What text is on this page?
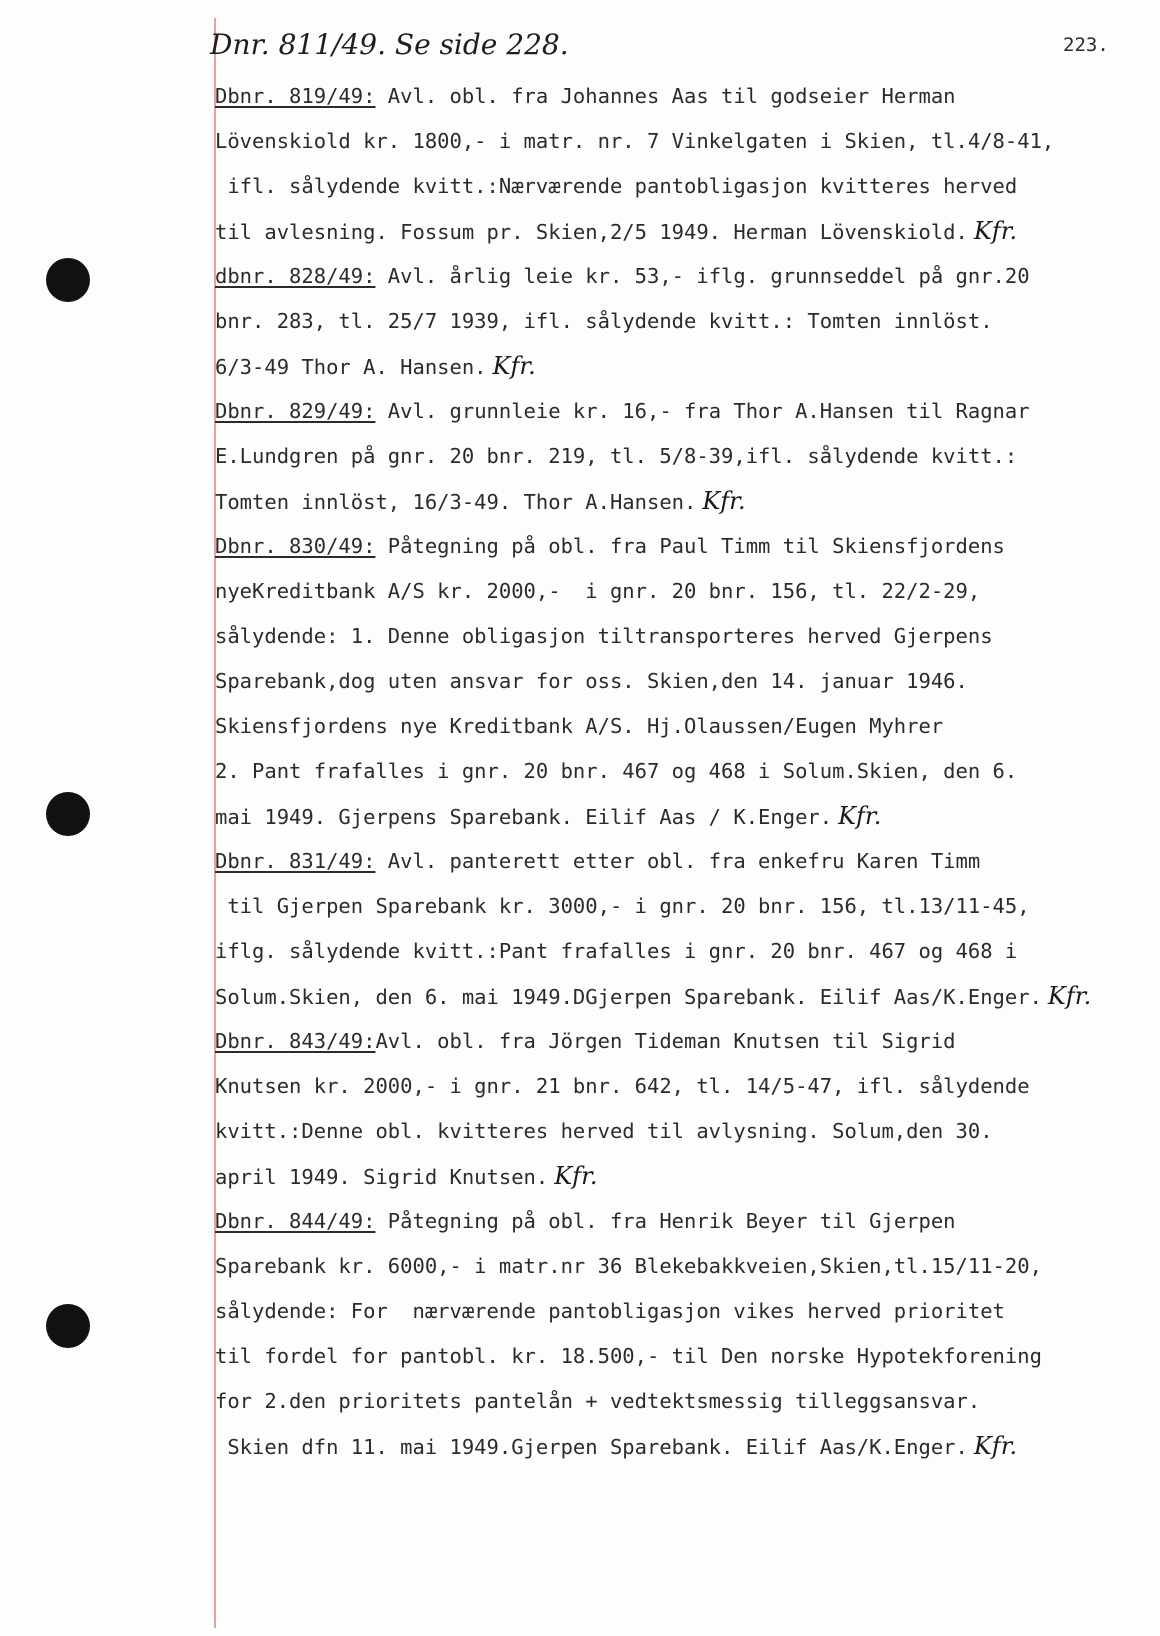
Dnr. 811/49. Se side 228.	223.
Dbnr. 819/49: Avl. obl. fra Johannes Aas til godseier Herman
Lövenskiold kr. 1800,- i matr. nr. 7 Vinkelgaten i Skien, tl.4/8-41,
ifl. sålydende kvitt.:Nærværende pantobligasjon kvitteres herved
til avlesning. Fossum pr. Skien,2/5 1949. Herman Lövenskiold. Kfr.
dbnr. 828/49: Avl. årlig leie kr. 53,- iflg. grunnseddel på gnr.20
bnr. 283, tl. 25/7 1939, ifl. sålydende kvitt.: Tomten innlöst.
6/3-49 Thor A. Hansen. Kfr.
Dbnr. 829/49: Avl. grunnleie kr. 16,- fra Thor A.Hansen til Ragnar
E.Lundgren på gnr. 20 bnr. 219, tl. 5/8-39,ifl. sålydende kvitt.:
Tomten innlöst, 16/3-49. Thor A.Hansen. Kfr.
Dbnr. 830/49: Påtegning på obl. fra Paul Timm til Skiensfjordens
nyeKreditbank A/S kr. 2000,-  i gnr. 20 bnr. 156, tl. 22/2-29,
sålydende: 1. Denne obligasjon tiltransporteres herved Gjerpens
Sparebank,dog uten ansvar for oss. Skien,den 14. januar 1946.
Skiensfjordens nye Kreditbank A/S. Hj.Olaussen/Eugen Myhrer
2. Pant frafalles i gnr. 20 bnr. 467 og 468 i Solum.Skien, den 6.
mai 1949. Gjerpens Sparebank. Eilif Aas / K.Enger. Kfr.
Dbnr. 831/49: Avl. panterett etter obl. fra enkefru Karen Timm
til Gjerpen Sparebank kr. 3000,- i gnr. 20 bnr. 156, tl.13/11-45,
iflg. sålydende kvitt.:Pant frafalles i gnr. 20 bnr. 467 og 468 i
Solum.Skien, den 6. mai 1949.DGjerpen Sparebank. Eilif Aas/K.Enger. Kfr.
Dbnr. 843/49:Avl. obl. fra Jörgen Tideman Knutsen til Sigrid
Knutsen kr. 2000,- i gnr. 21 bnr. 642, tl. 14/5-47, ifl. sålydende
kvitt.:Denne obl. kvitteres herved til avlysning. Solum,den 30.
april 1949. Sigrid Knutsen. Kfr.
Dbnr. 844/49: Påtegning på obl. fra Henrik Beyer til Gjerpen
Sparebank kr. 6000,- i matr.nr 36 Blekebakkveien,Skien,tl.15/11-20,
sålydende: For  nærværende pantobligasjon vikes herved prioritet
til fordel for pantobl. kr. 18.500,- til Den norske Hypotekforening
for 2.den prioritets pantelån + vedtektsmessig tilleggsansvar.
Skien dfn 11. mai 1949.Gjerpen Sparebank. Eilif Aas/K.Enger. Kfr.
